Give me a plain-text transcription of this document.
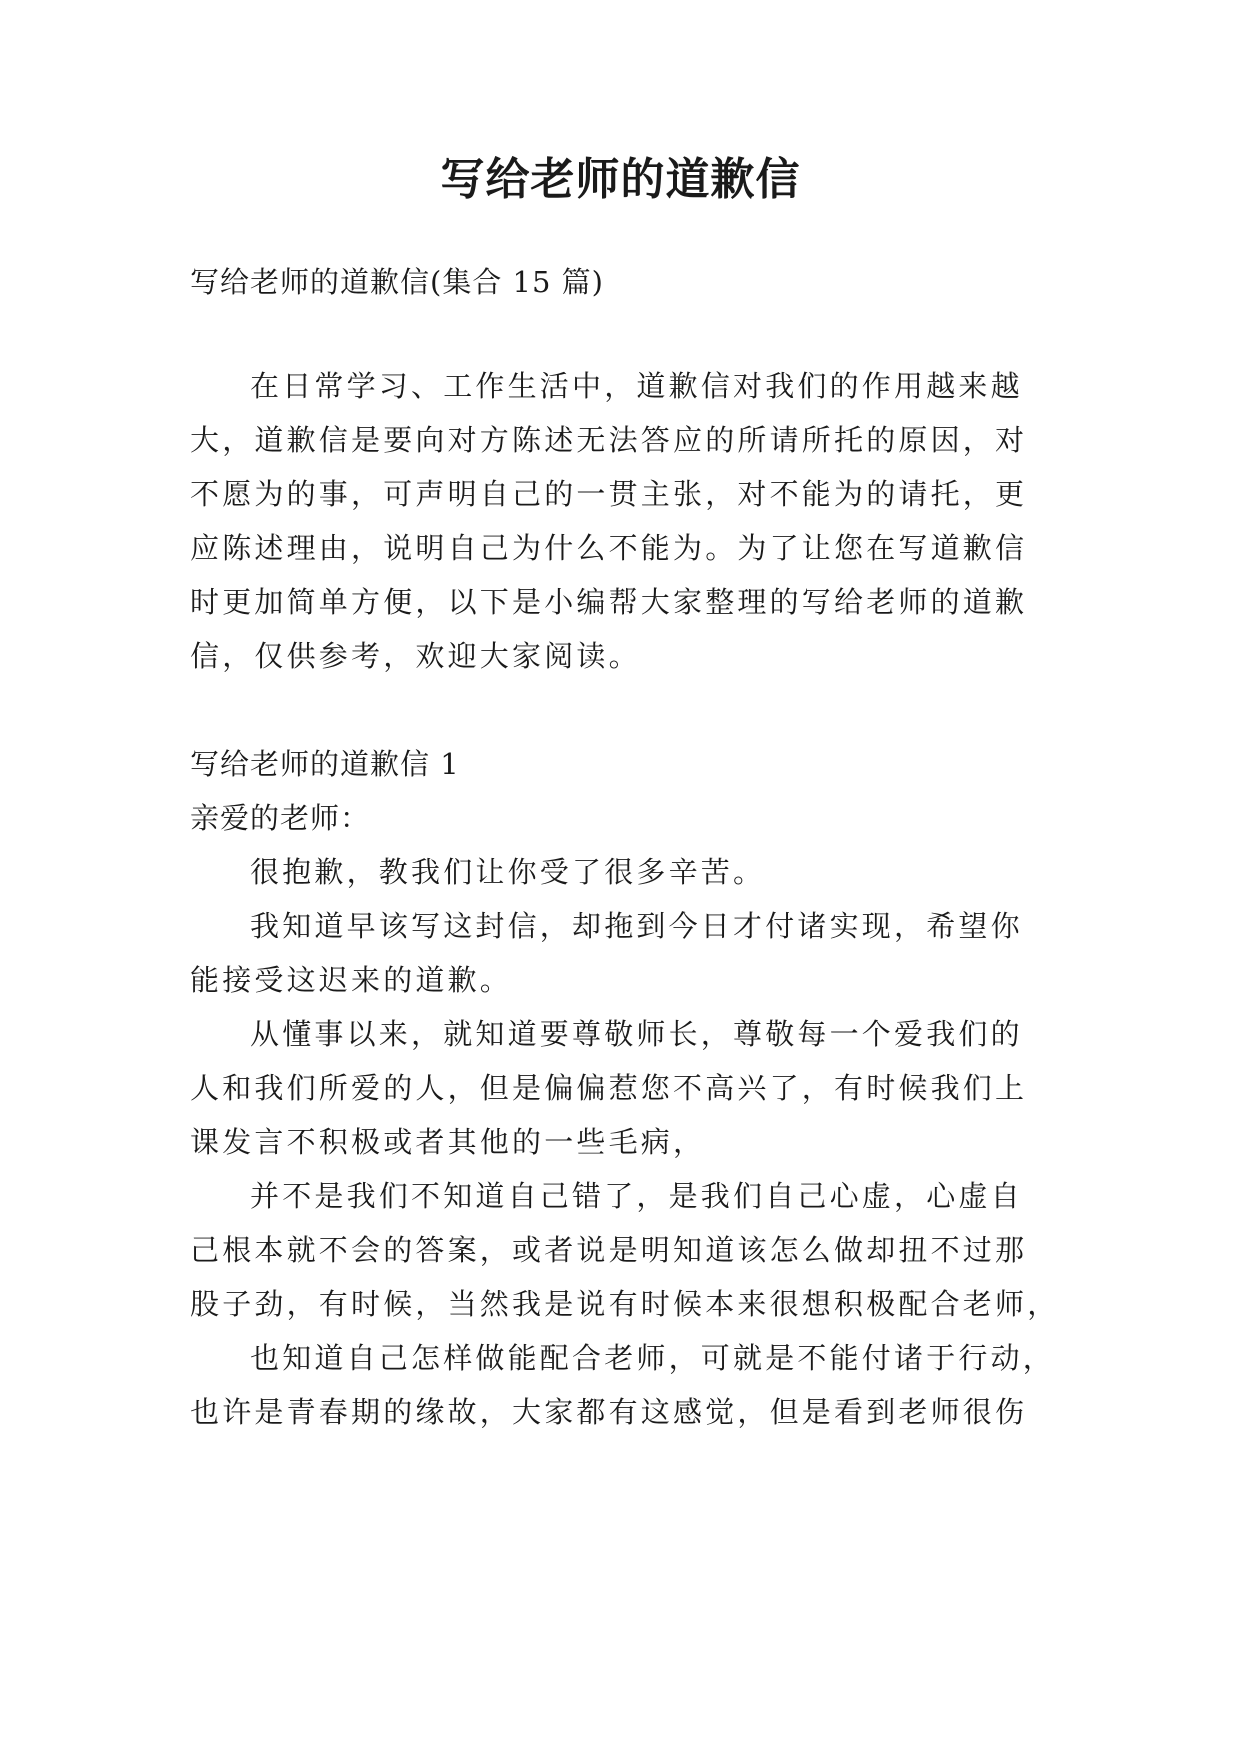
写给老师的道歉信
写给老师的道歉信(集合 15 篇)
在日常学习、工作生活中，道歉信对我们的作用越来越
大，道歉信是要向对方陈述无法答应的所请所托的原因，对
不愿为的事，可声明自己的一贯主张，对不能为的请托，更
应陈述理由，说明自己为什么不能为。为了让您在写道歉信
时更加简单方便，以下是小编帮大家整理的写给老师的道歉
信，仅供参考，欢迎大家阅读。
写给老师的道歉信 1
亲爱的老师：
很抱歉，教我们让你受了很多辛苦。
我知道早该写这封信，却拖到今日才付诸实现，希望你
能接受这迟来的道歉。
从懂事以来，就知道要尊敬师长，尊敬每一个爱我们的
人和我们所爱的人，但是偏偏惹您不高兴了，有时候我们上
课发言不积极或者其他的一些毛病，
并不是我们不知道自己错了，是我们自己心虚，心虚自
己根本就不会的答案，或者说是明知道该怎么做却扭不过那
股子劲，有时候，当然我是说有时候本来很想积极配合老师，
也知道自己怎样做能配合老师，可就是不能付诸于行动，
也许是青春期的缘故，大家都有这感觉，但是看到老师很伤
